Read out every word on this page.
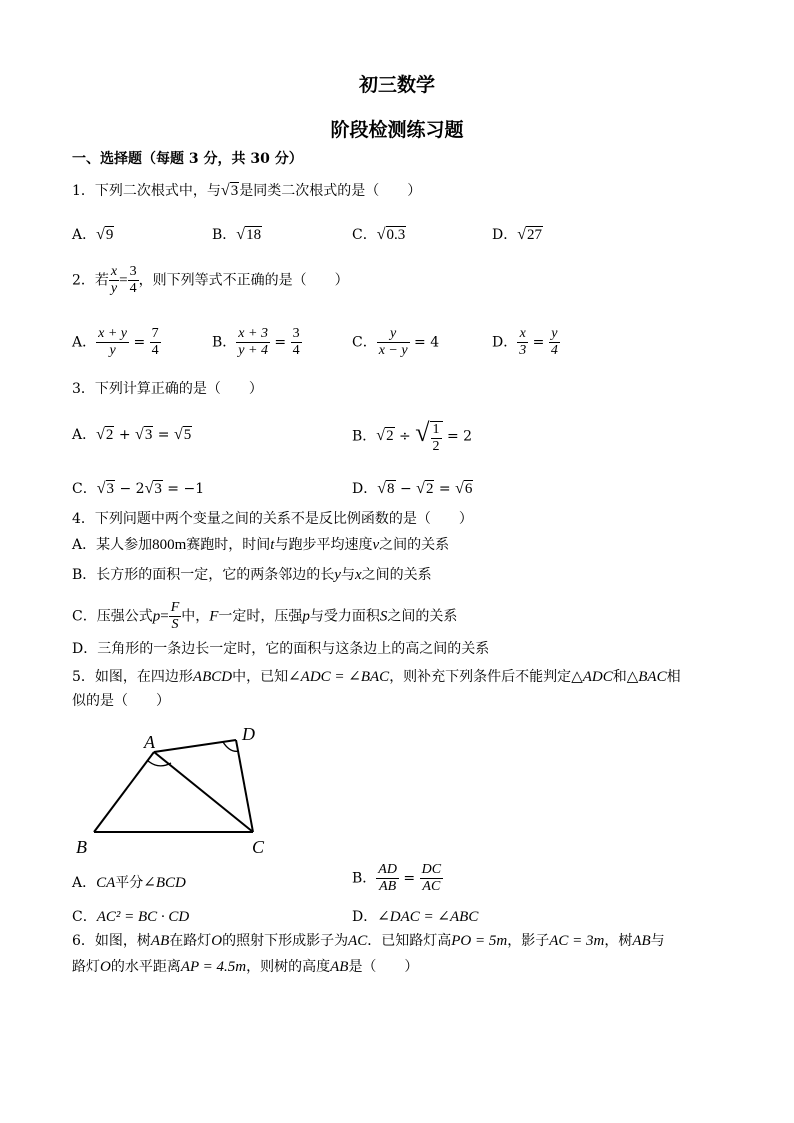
初三数学
阶段检测练习题
一、选择题（每题 3 分，共 30 分）
1．下列二次根式中，与√3是同类二次根式的是（　　）
A．√9	B．√18	C．√0.3	D．√27
2．若 $\frac{x}{y} = \frac{3}{4}$ ，则下列等式不正确的是（　　）
A． $\frac{x + y}{y} = \frac{7}{4}$	B． $\frac{x + 3}{y + 4} = \frac{3}{4}$	C． $\frac{y}{x - y} = 4$	D． $\frac{x}{3} = \frac{y}{4}$
3．下列计算正确的是（　　）
A．√2 + √3 = √5	B．√2 ÷ √ $\frac{1}{2} = 2$
C．√3 − 2√3 = −1	D．√8 − √2 = √6
4．下列问题中两个变量之间的关系不是反比例函数的是（　　）
A．某人参加800m赛跑时，时间t与跑步平均速度v之间的关系
B．长方形的面积一定，它的两条邻边的长y与x之间的关系
C．压强公式$p= \frac{F}{S}$ 中，F一定时，压强p与受力面积S之间的关系
D．三角形的一条边长一定时，它的面积与这条边上的高之间的关系
5．如图，在四边形ABCD中，已知∠ADC = ∠BAC，则补充下列条件后不能判定△ADC和△BAC相
似的是（　　）
A	D
B	C
A．CA平分∠BCD	B． $\frac{AD}{AB} = \frac{DC}{AC}$
C．AC² = BC · CD	D．∠DAC = ∠ABC
6．如图，树AB在路灯O的照射下形成影子为AC．已知路灯高PO = 5m，影子AC = 3m，树AB与
路灯O的水平距离AP = 4.5m，则树的高度AB是（　　）
